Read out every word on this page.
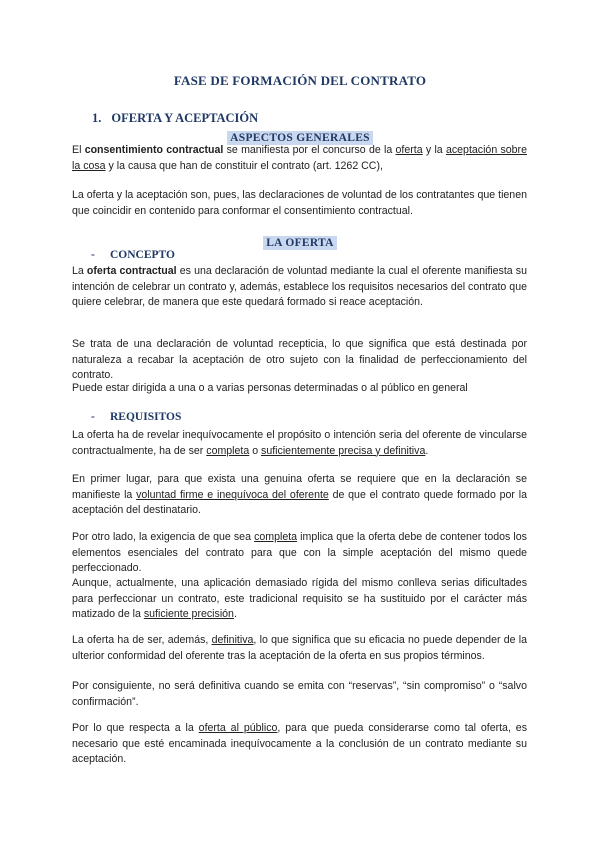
FASE DE FORMACIÓN DEL CONTRATO
1. OFERTA Y ACEPTACIÓN
ASPECTOS GENERALES
El consentimiento contractual se manifiesta por el concurso de la oferta y la aceptación sobre la cosa y la causa que han de constituir el contrato (art. 1262 CC),
La oferta y la aceptación son, pues, las declaraciones de voluntad de los contratantes que tienen que coincidir en contenido para conformar el consentimiento contractual.
LA OFERTA
- CONCEPTO
La oferta contractual es una declaración de voluntad mediante la cual el oferente manifiesta su intención de celebrar un contrato y, además, establece los requisitos necesarios del contrato que quiere celebrar, de manera que este quedará formado si reace aceptación.
Se trata de una declaración de voluntad recepticia, lo que significa que está destinada por naturaleza a recabar la aceptación de otro sujeto con la finalidad de perfeccionamiento del contrato.
Puede estar dirigida a una o a varias personas determinadas o al público en general
- REQUISITOS
La oferta ha de revelar inequívocamente el propósito o intención seria del oferente de vincularse contractualmente, ha de ser completa o suficientemente precisa y definitiva.
En primer lugar, para que exista una genuina oferta se requiere que en la declaración se manifieste la voluntad firme e inequívoca del oferente de que el contrato quede formado por la aceptación del destinatario.
Por otro lado, la exigencia de que sea completa implica que la oferta debe de contener todos los elementos esenciales del contrato para que con la simple aceptación del mismo quede perfeccionado.
Aunque, actualmente, una aplicación demasiado rígida del mismo conlleva serias dificultades para perfeccionar un contrato, este tradicional requisito se ha sustituido por el carácter más matizado de la suficiente precisión.
La oferta ha de ser, además, definitiva, lo que significa que su eficacia no puede depender de la ulterior conformidad del oferente tras la aceptación de la oferta en sus propios términos.
Por consiguiente, no será definitiva cuando se emita con “reservas”, “sin compromiso” o “salvo confirmación”.
Por lo que respecta a la oferta al público, para que pueda considerarse como tal oferta, es necesario que esté encaminada inequívocamente a la conclusión de un contrato mediante su aceptación.
